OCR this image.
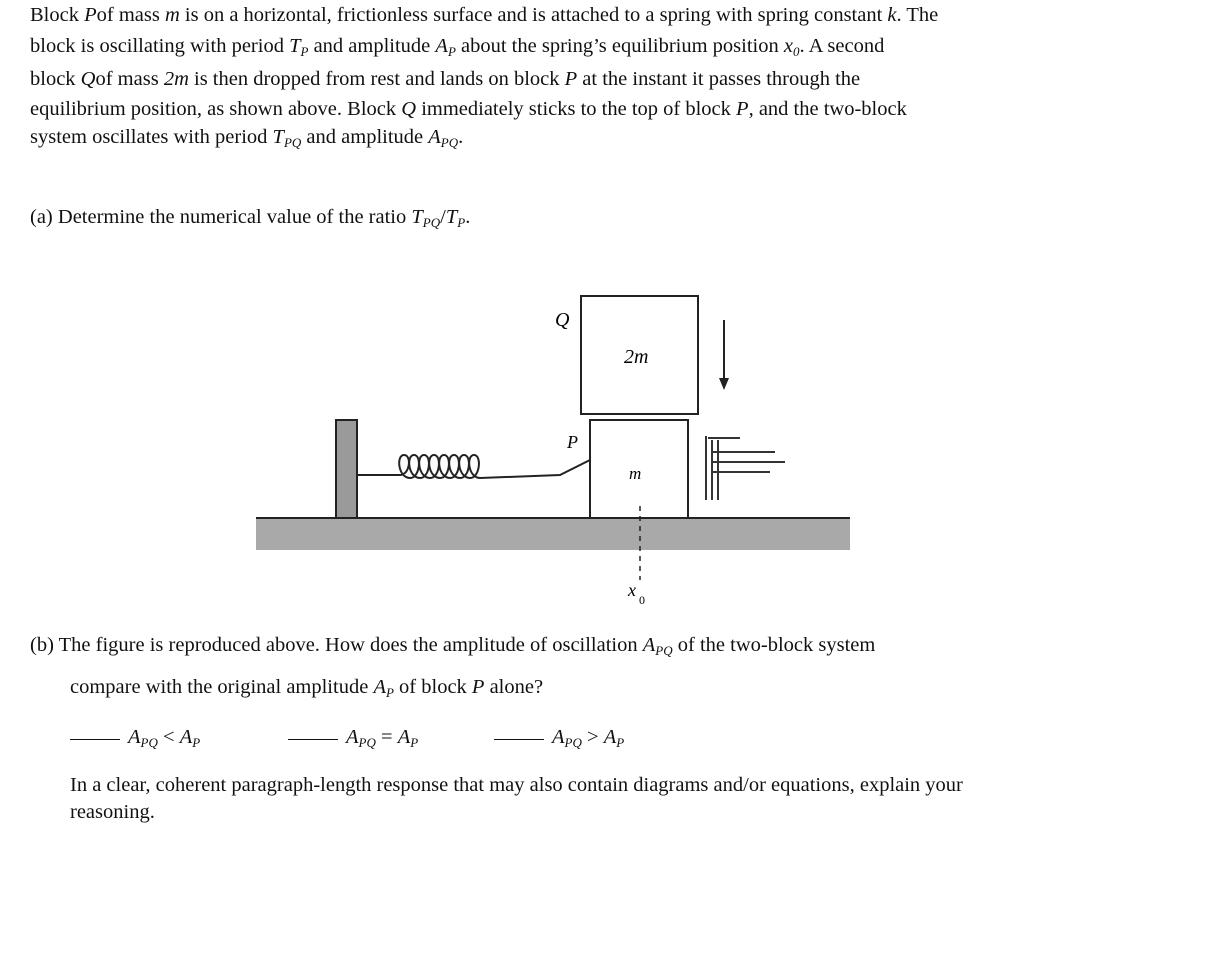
Block Pof mass m is on a horizontal, frictionless surface and is attached to a spring with spring constant k. The
block is oscillating with period $T_P$ and amplitude $A_P$ about the spring’s equilibrium position $x_0$. A second
block Qof mass 2m is then dropped from rest and lands on block P at the instant it passes through the
equilibrium position, as shown above. Block Q immediately sticks to the top of block P, and the two-block
system oscillates with period $T_{PQ}$ and amplitude $A_{PQ}$.
(a) Determine the numerical value of the ratio $T_{PQ}/T_P$.
Q
P
2m
m
x 0
(b) The figure is reproduced above. How does the amplitude of oscillation $A_{PQ}$ of the two-block system
compare with the original amplitude $A_P$ of block P alone?
$A_{PQ} < A_P$	$A_{PQ} = A_P$	$A_{PQ} > A_P$
In a clear, coherent paragraph-length response that may also contain diagrams and/or equations, explain your
reasoning.
